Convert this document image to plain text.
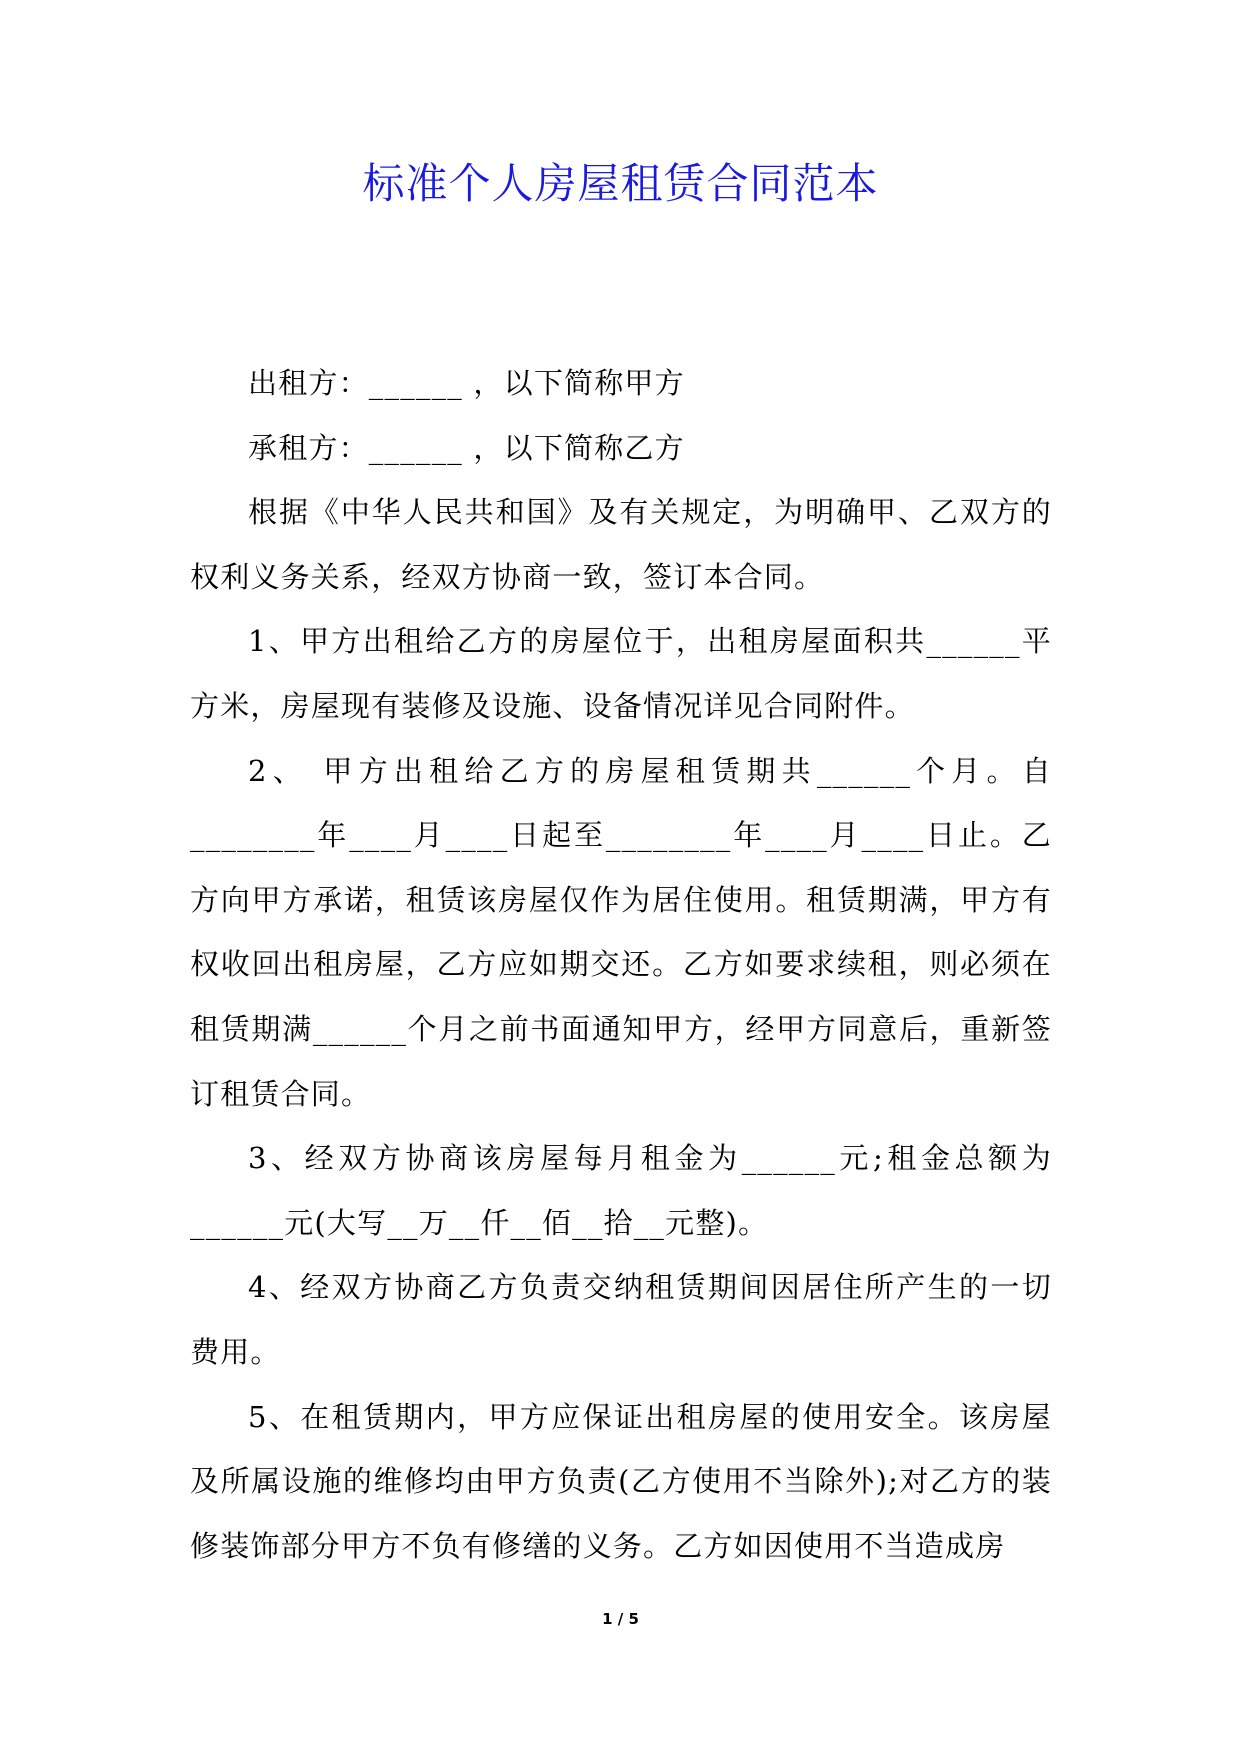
标准个人房屋租赁合同范本

出租方：______ ，以下简称甲方

承租方：______ ，以下简称乙方

根据《中华人民共和国》及有关规定，为明确甲、乙双方的权利义务关系，经双方协商一致，签订本合同。

1、甲方出租给乙方的房屋位于，出租房屋面积共______平方米，房屋现有装修及设施、设备情况详见合同附件。

2、 甲方出租给乙方的房屋租赁期共______个月。自________年____月____日起至________年____月____日止。乙方向甲方承诺，租赁该房屋仅作为居住使用。租赁期满，甲方有权收回出租房屋，乙方应如期交还。乙方如要求续租，则必须在租赁期满______个月之前书面通知甲方，经甲方同意后，重新签订租赁合同。

3、经双方协商该房屋每月租金为______元;租金总额为______元(大写__万__仟__佰__拾__元整)。

4、经双方协商乙方负责交纳租赁期间因居住所产生的一切费用。

5、在租赁期内，甲方应保证出租房屋的使用安全。该房屋及所属设施的维修均由甲方负责(乙方使用不当除外);对乙方的装修装饰部分甲方不负有修缮的义务。乙方如因使用不当造成房

1 / 5
